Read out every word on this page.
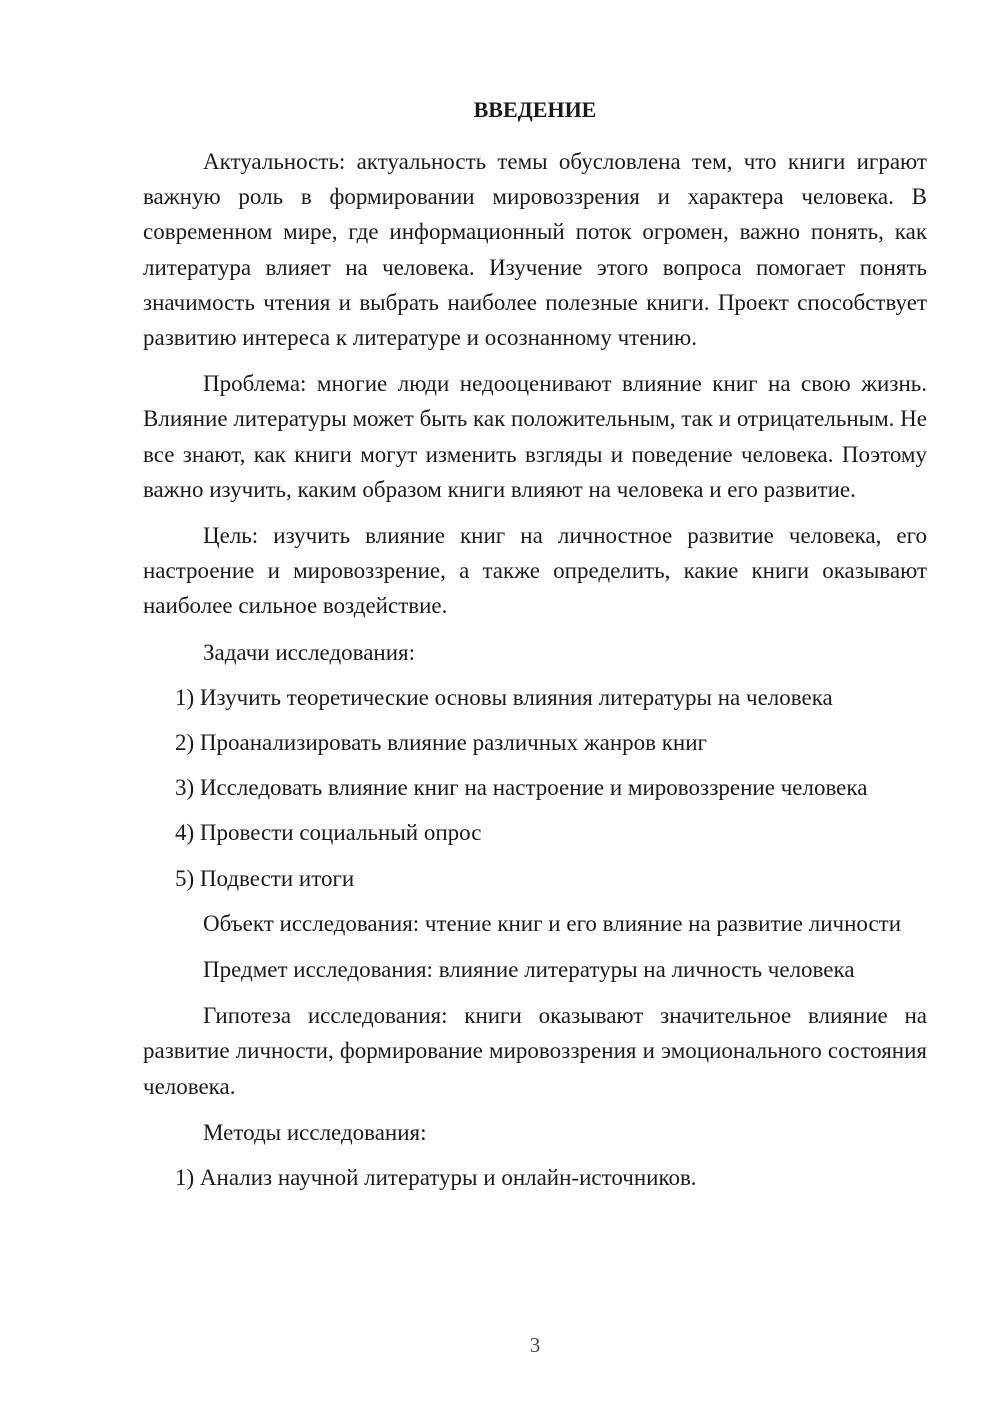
ВВЕДЕНИЕ

Актуальность: актуальность темы обусловлена тем, что книги играют важную роль в формировании мировоззрения и характера человека. В современном мире, где информационный поток огромен, важно понять, как литература влияет на человека. Изучение этого вопроса помогает понять значимость чтения и выбрать наиболее полезные книги. Проект способствует развитию интереса к литературе и осознанному чтению.

Проблема: многие люди недооценивают влияние книг на свою жизнь. Влияние литературы может быть как положительным, так и отрицательным. Не все знают, как книги могут изменить взгляды и поведение человека. Поэтому важно изучить, каким образом книги влияют на человека и его развитие.

Цель: изучить влияние книг на личностное развитие человека, его настроение и мировоззрение, а также определить, какие книги оказывают наиболее сильное воздействие.

Задачи исследования:

1) Изучить теоретические основы влияния литературы на человека
2) Проанализировать влияние различных жанров книг
3) Исследовать влияние книг на настроение и мировоззрение человека
4) Провести социальный опрос
5) Подвести итоги

Объект исследования: чтение книг и его влияние на развитие личности

Предмет исследования: влияние литературы на личность человека

Гипотеза исследования: книги оказывают значительное влияние на развитие личности, формирование мировоззрения и эмоционального состояния человека.

Методы исследования:

1) Анализ научной литературы и онлайн-источников.
3
